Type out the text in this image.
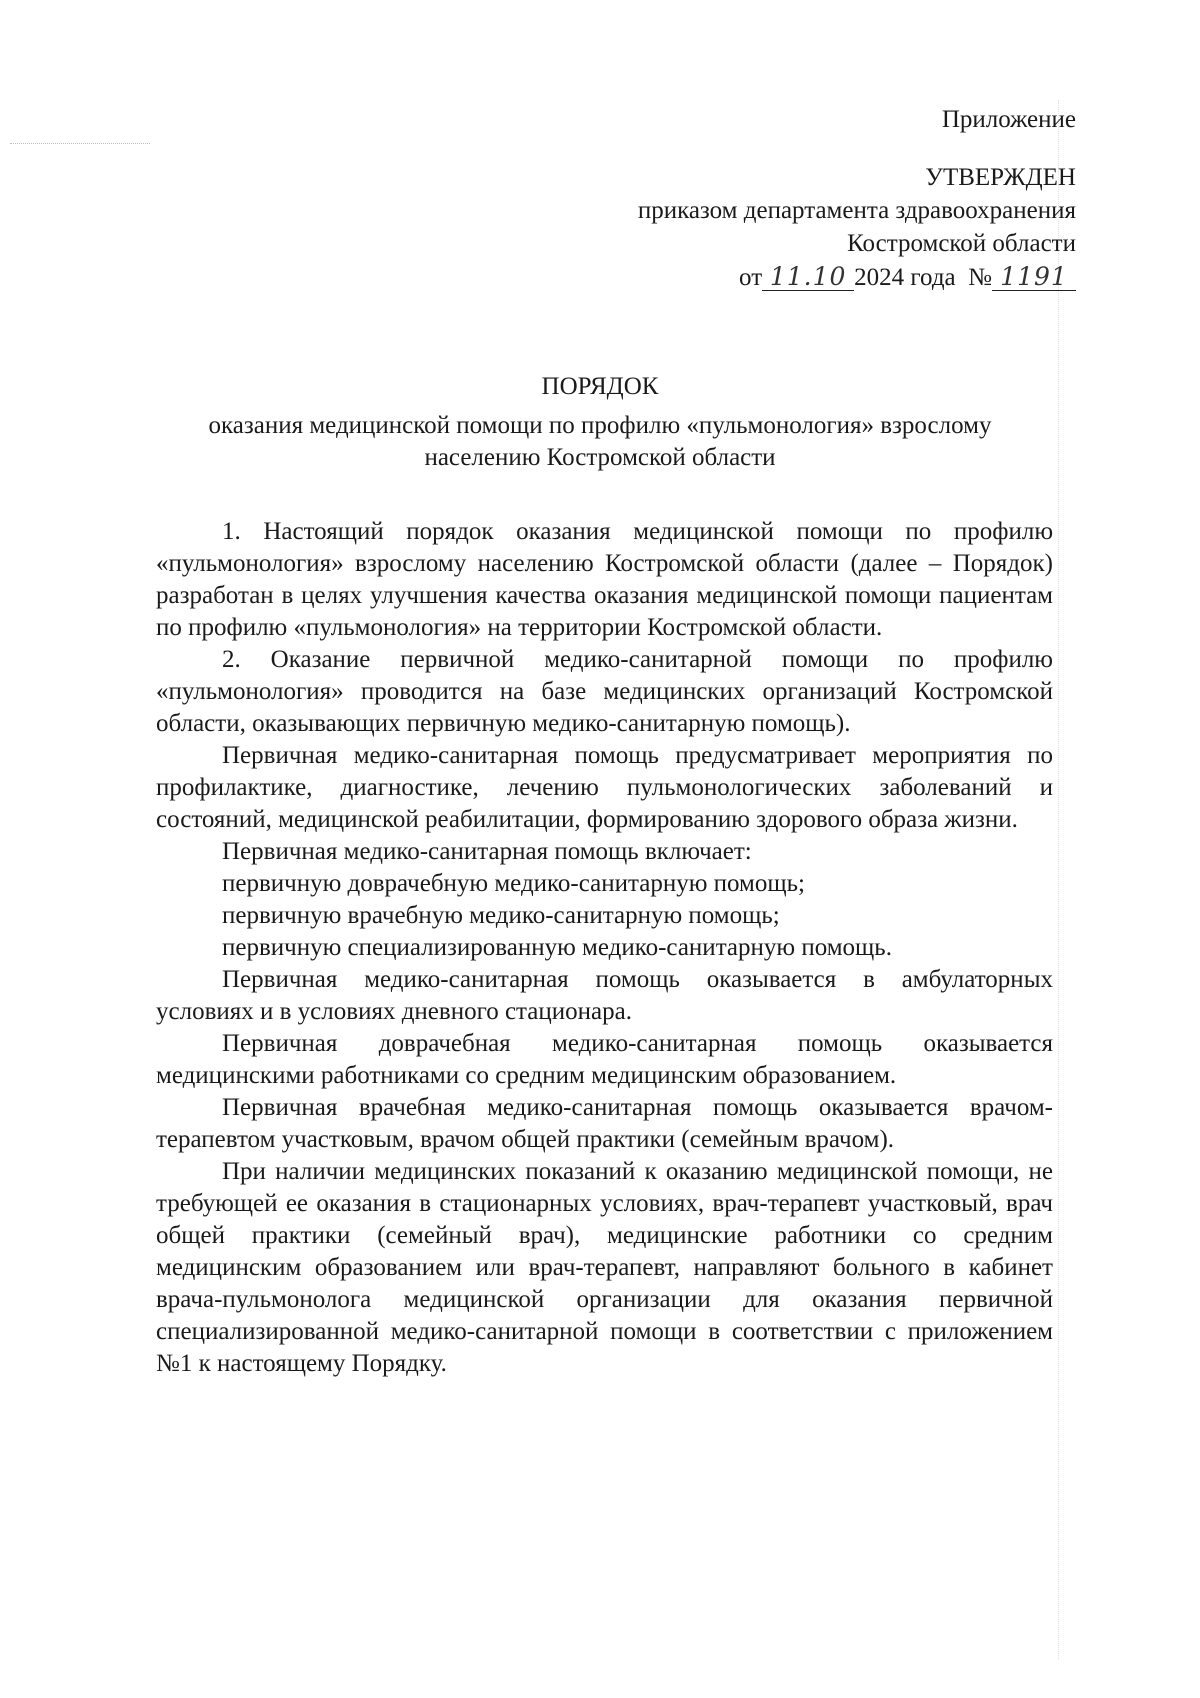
Приложение
УТВЕРЖДЕН
приказом департамента здравоохранения
Костромской области
от 11.10 2024 года № 1191
ПОРЯДОК
оказания медицинской помощи по профилю «пульмонология» взрослому
населению Костромской области

1. Настоящий порядок оказания медицинской помощи по профилю «пульмонология» взрослому населению Костромской области (далее – Порядок) разработан в целях улучшения качества оказания медицинской помощи пациентам по профилю «пульмонология» на территории Костромской области.

2. Оказание первичной медико-санитарной помощи по профилю «пульмонология» проводится на базе медицинских организаций Костромской области, оказывающих первичную медико-санитарную помощь).

Первичная медико-санитарная помощь предусматривает мероприятия по профилактике, диагностике, лечению пульмонологических заболеваний и состояний, медицинской реабилитации, формированию здорового образа жизни.

Первичная медико-санитарная помощь включает:

первичную доврачебную медико-санитарную помощь;

первичную врачебную медико-санитарную помощь;

первичную специализированную медико-санитарную помощь.

Первичная медико-санитарная помощь оказывается в амбулаторных условиях и в условиях дневного стационара.

Первичная доврачебная медико-санитарная помощь оказывается медицинскими работниками со средним медицинским образованием.

Первичная врачебная медико-санитарная помощь оказывается врачом-терапевтом участковым, врачом общей практики (семейным врачом).

При наличии медицинских показаний к оказанию медицинской помощи, не требующей ее оказания в стационарных условиях, врач-терапевт участковый, врач общей практики (семейный врач), медицинские работники со средним медицинским образованием или врач-терапевт, направляют больного в кабинет врача-пульмонолога медицинской организации для оказания первичной специализированной медико-санитарной помощи в соответствии с приложением №1 к настоящему Порядку.
